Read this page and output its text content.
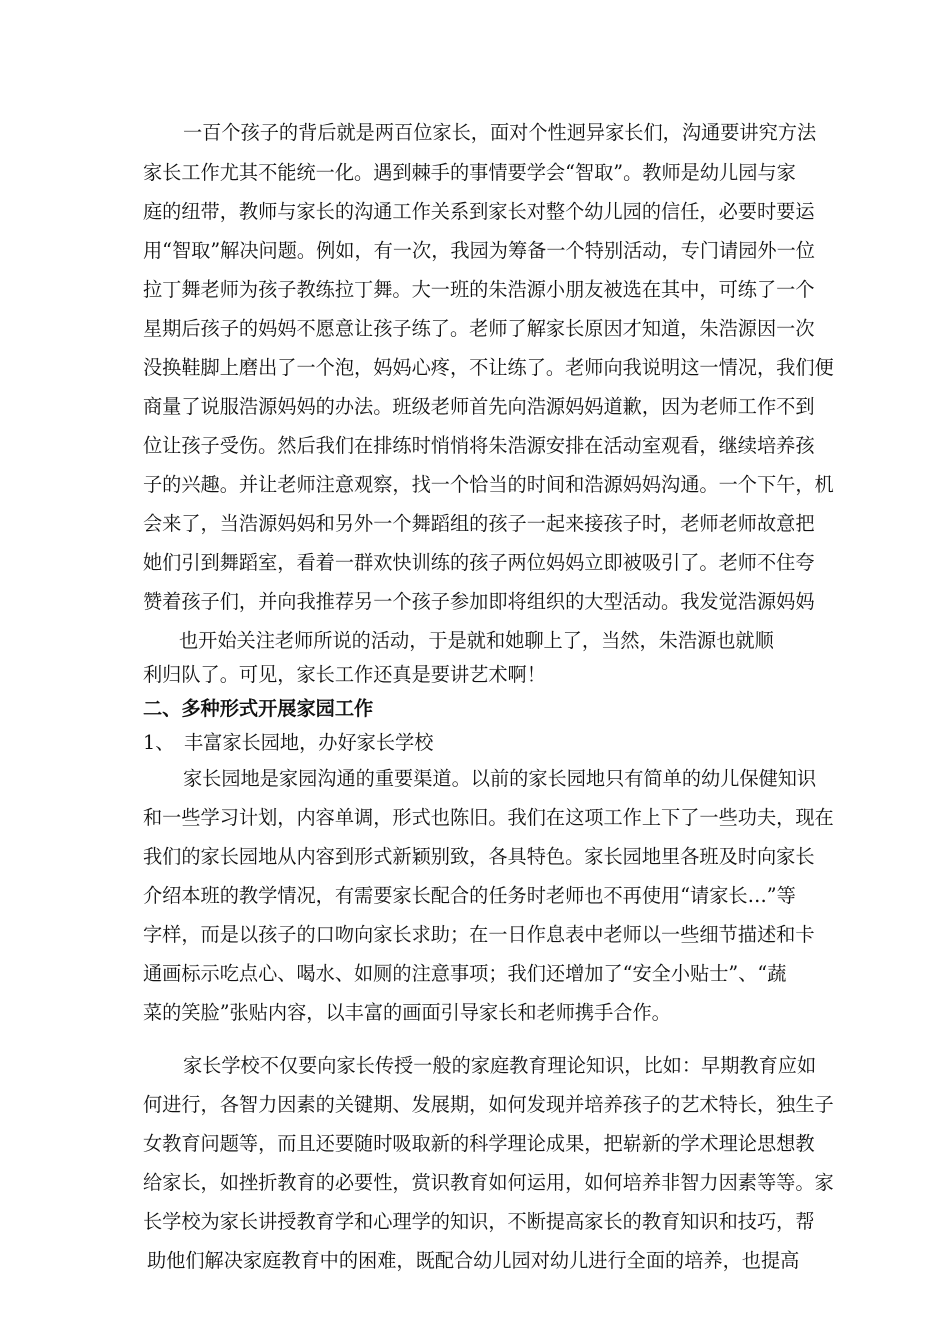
一百个孩子的背后就是两百位家长，面对个性迥异家长们，沟通要讲究方法
家长工作尤其不能统一化。遇到棘手的事情要学会“智取”。教师是幼儿园与家
庭的纽带，教师与家长的沟通工作关系到家长对整个幼儿园的信任，必要时要运
用“智取”解决问题。例如，有一次，我园为筹备一个特别活动，专门请园外一位
拉丁舞老师为孩子教练拉丁舞。大一班的朱浩源小朋友被选在其中，可练了一个
星期后孩子的妈妈不愿意让孩子练了。老师了解家长原因才知道，朱浩源因一次
没换鞋脚上磨出了一个泡，妈妈心疼，不让练了。老师向我说明这一情况，我们便
商量了说服浩源妈妈的办法。班级老师首先向浩源妈妈道歉，因为老师工作不到
位让孩子受伤。然后我们在排练时悄悄将朱浩源安排在活动室观看，继续培养孩
子的兴趣。并让老师注意观察，找一个恰当的时间和浩源妈妈沟通。一个下午，机
会来了，当浩源妈妈和另外一个舞蹈组的孩子一起来接孩子时，老师老师故意把
她们引到舞蹈室，看着一群欢快训练的孩子两位妈妈立即被吸引了。老师不住夸
赞着孩子们，并向我推荐另一个孩子参加即将组织的大型活动。我发觉浩源妈妈
也开始关注老师所说的活动，于是就和她聊上了，当然，朱浩源也就顺
利归队了。可见，家长工作还真是要讲艺术啊！
二、多种形式开展家园工作
1、　丰富家长园地，办好家长学校
家长园地是家园沟通的重要渠道。以前的家长园地只有简单的幼儿保健知识
和一些学习计划，内容单调，形式也陈旧。我们在这项工作上下了一些功夫，现在
我们的家长园地从内容到形式新颖别致，各具特色。家长园地里各班及时向家长
介绍本班的教学情况，有需要家长配合的任务时老师也不再使用“请家长…”等
字样，而是以孩子的口吻向家长求助；在一日作息表中老师以一些细节描述和卡
通画标示吃点心、喝水、如厕的注意事项；我们还增加了“安全小贴士”、“蔬
菜的笑脸”张贴内容，以丰富的画面引导家长和老师携手合作。
家长学校不仅要向家长传授一般的家庭教育理论知识，比如：早期教育应如
何进行，各智力因素的关键期、发展期，如何发现并培养孩子的艺术特长，独生子
女教育问题等，而且还要随时吸取新的科学理论成果，把崭新的学术理论思想教
给家长，如挫折教育的必要性，赏识教育如何运用，如何培养非智力因素等等。家
长学校为家长讲授教育学和心理学的知识，不断提高家长的教育知识和技巧，帮
助他们解决家庭教育中的困难，既配合幼儿园对幼儿进行全面的培养，也提高
